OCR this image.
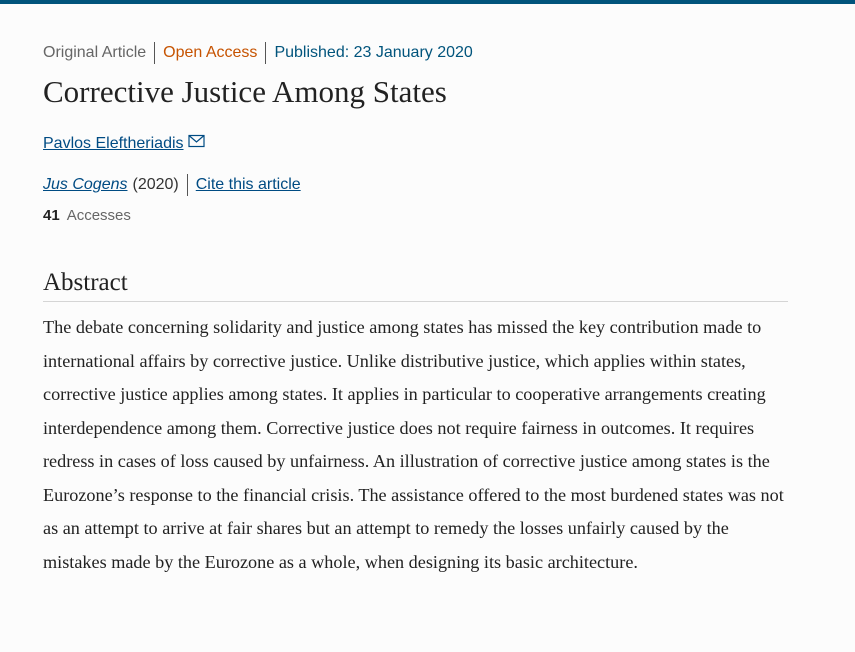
Original Article	Open Access	Published: 23 January 2020
Corrective Justice Among States
Pavlos Eleftheriadis
Jus Cogens (2020) Cite this article
41 Accesses
Abstract

The debate concerning solidarity and justice among states has missed the key contribution made to international affairs by corrective justice. Unlike distributive justice, which applies within states, corrective justice applies among states. It applies in particular to cooperative arrangements creating interdependence among them. Corrective justice does not require fairness in outcomes. It requires redress in cases of loss caused by unfairness. An illustration of corrective justice among states is the Eurozone’s response to the financial crisis. The assistance offered to the most burdened states was not as an attempt to arrive at fair shares but an attempt to remedy the losses unfairly caused by the mistakes made by the Eurozone as a whole, when designing its basic architecture.
